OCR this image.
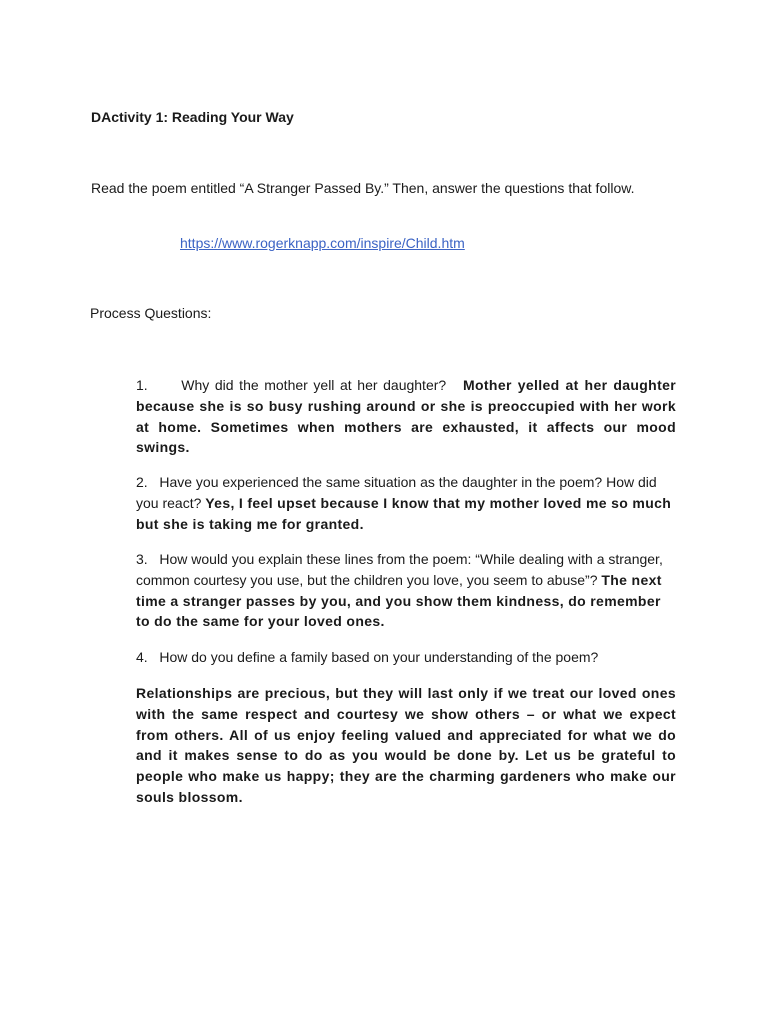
DActivity 1: Reading Your Way

Read the poem entitled “A Stranger Passed By.” Then, answer the questions that follow.

https://www.rogerknapp.com/inspire/Child.htm

Process Questions:

1. Why did the mother yell at her daughter? Mother yelled at her daughter because she is so busy rushing around or she is preoccupied with her work at home. Sometimes when mothers are exhausted, it affects our mood swings.

2. Have you experienced the same situation as the daughter in the poem? How did you react? Yes, I feel upset because I know that my mother loved me so much but she is taking me for granted.

3. How would you explain these lines from the poem: “While dealing with a stranger, common courtesy you use, but the children you love, you seem to abuse”? The next time a stranger passes by you, and you show them kindness, do remember to do the same for your loved ones.

4. How do you define a family based on your understanding of the poem?

Relationships are precious, but they will last only if we treat our loved ones with the same respect and courtesy we show others – or what we expect from others. All of us enjoy feeling valued and appreciated for what we do and it makes sense to do as you would be done by. Let us be grateful to people who make us happy; they are the charming gardeners who make our souls blossom.
